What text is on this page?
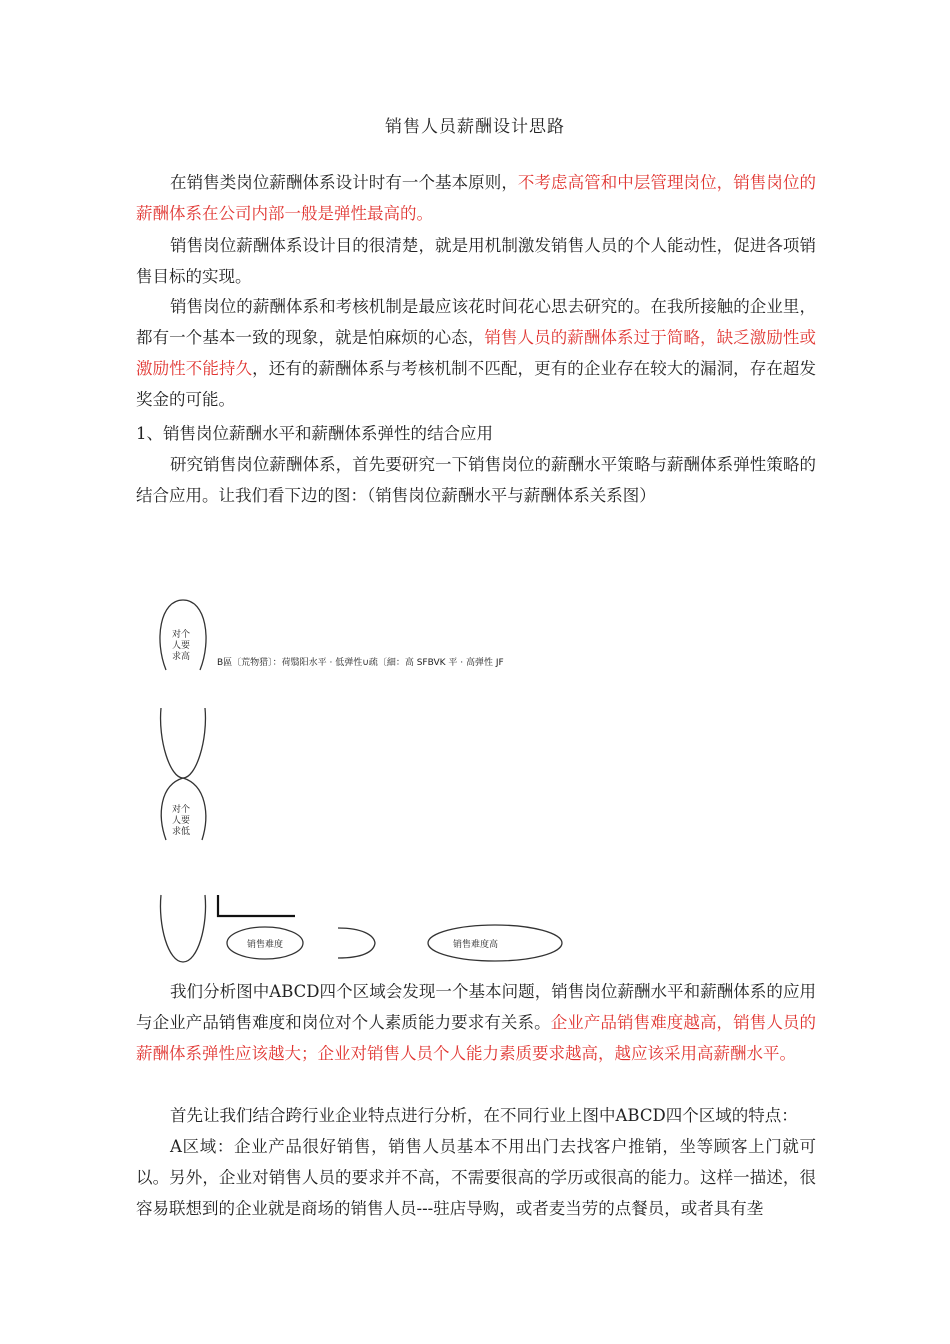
销售人员薪酬设计思路

在销售类岗位薪酬体系设计时有一个基本原则，不考虑高管和中层管理岗位，销售岗位的薪酬体系在公司内部一般是弹性最高的。

销售岗位薪酬体系设计目的很清楚，就是用机制激发销售人员的个人能动性，促进各项销售目标的实现。

销售岗位的薪酬体系和考核机制是最应该花时间花心思去研究的。在我所接触的企业里，都有一个基本一致的现象，就是怕麻烦的心态，销售人员的薪酬体系过于简略，缺乏激励性或激励性不能持久，还有的薪酬体系与考核机制不匹配，更有的企业存在较大的漏洞，存在超发奖金的可能。

1、销售岗位薪酬水平和薪酬体系弹性的结合应用

研究销售岗位薪酬体系，首先要研究一下销售岗位的薪酬水平策略与薪酬体系弹性策略的结合应用。让我们看下边的图：（销售岗位薪酬水平与薪酬体系关系图）

对个人要求高
对个人要求低
B區〔荒物猎〕：荷翳阳水平 · 低弹性∪疏〔細：高 SFBVK 平 · 高弹性 JF
销售难度	销售难度高

我们分析图中ABCD四个区域会发现一个基本问题，销售岗位薪酬水平和薪酬体系的应用与企业产品销售难度和岗位对个人素质能力要求有关系。企业产品销售难度越高，销售人员的薪酬体系弹性应该越大；企业对销售人员个人能力素质要求越高，越应该采用高薪酬水平。

首先让我们结合跨行业企业特点进行分析，在不同行业上图中ABCD四个区域的特点：

A区域：企业产品很好销售，销售人员基本不用出门去找客户推销，坐等顾客上门就可以。另外，企业对销售人员的要求并不高，不需要很高的学历或很高的能力。这样一描述，很容易联想到的企业就是商场的销售人员---驻店导购，或者麦当劳的点餐员，或者具有垄
